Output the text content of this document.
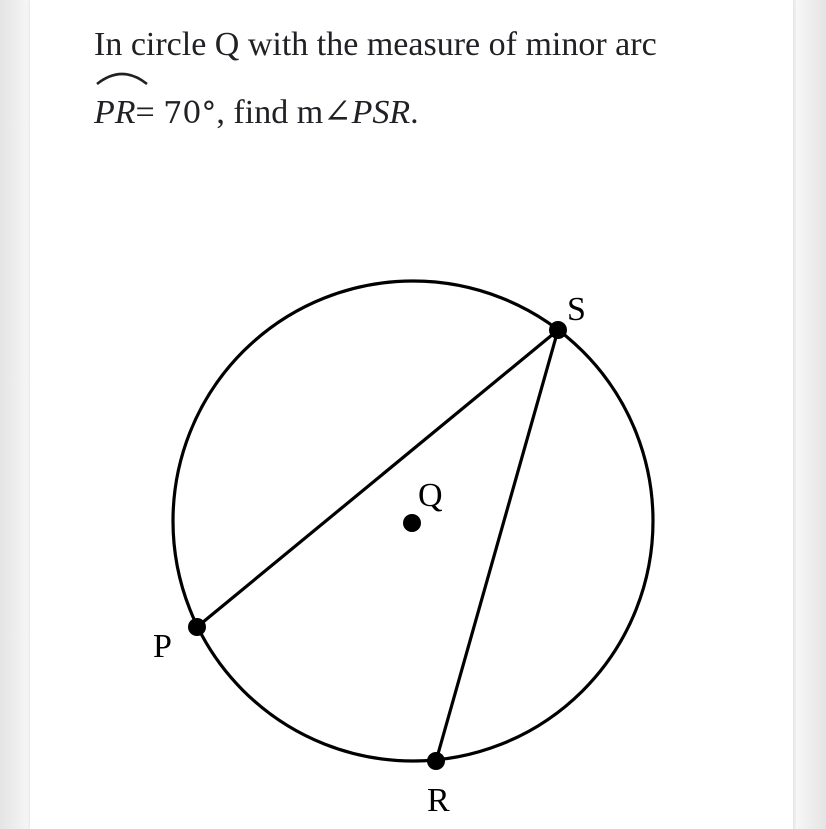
In circle Q with the measure of minor arc
PR= 70°, find m∠PSR.
S
Q
P
R
